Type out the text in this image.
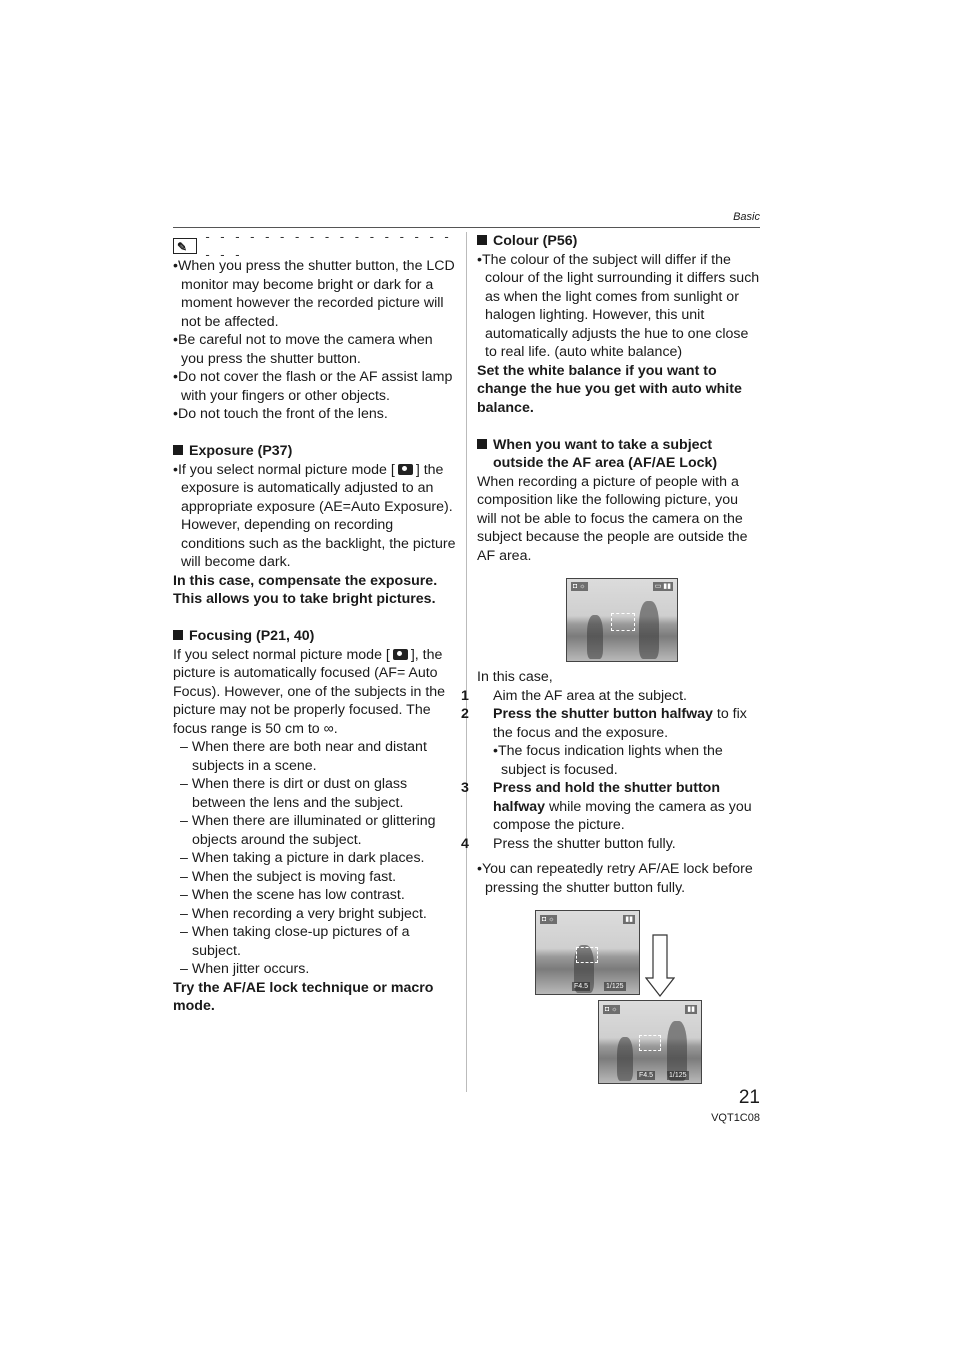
Basic
✎
- - - - - - - - - - - - - - - - - - - -

•When you press the shutter button, the LCD monitor may become bright or dark for a moment however the recorded picture will not be affected.

•Be careful not to move the camera when you press the shutter button.

•Do not cover the flash or the AF assist lamp with your fingers or other objects.

•Do not touch the front of the lens.

Exposure (P37)

•If you select normal picture mode [ ] the exposure is automatically adjusted to an appropriate exposure (AE=Auto Exposure). However, depending on recording conditions such as the backlight, the picture will become dark.

In this case, compensate the exposure. This allows you to take bright pictures.

Focusing (P21, 40)

If you select normal picture mode [ ], the picture is automatically focused (AF= Auto Focus). However, one of the subjects in the picture may not be properly focused. The focus range is 50 cm to ∞.

– When there are both near and distant subjects in a scene.

– When there is dirt or dust on glass between the lens and the subject.

– When there are illuminated or glittering objects around the subject.

– When taking a picture in dark places.

– When the subject is moving fast.

– When the scene has low contrast.

– When recording a very bright subject.

– When taking close-up pictures of a subject.

– When jitter occurs.

Try the AF/AE lock technique or macro mode.

Colour (P56)

•The colour of the subject will differ if the colour of the light surrounding it differs such as when the light comes from sunlight or halogen lighting. However, this unit automatically adjusts the hue to one close to real life. (auto white balance)

Set the white balance if you want to change the hue you get with auto white balance.

When you want to take a subject

outside the AF area (AF/AE Lock)

When recording a picture of people with a composition like the following picture, you will not be able to focus the camera on the subject because the people are outside the AF area.

◘ ☼	▭ ▮▮

In this case,

1 Aim the AF area at the subject.

2 Press the shutter button halfway to fix the focus and the exposure.

•The focus indication lights when the subject is focused.

3 Press and hold the shutter button halfway while moving the camera as you compose the picture.

4 Press the shutter button fully.

•You can repeatedly retry AF/AE lock before pressing the shutter button fully.

◘ ☼	▮▮
F4.5	1/125
◘ ☼	▮▮
F4.5 1/125
21
VQT1C08
